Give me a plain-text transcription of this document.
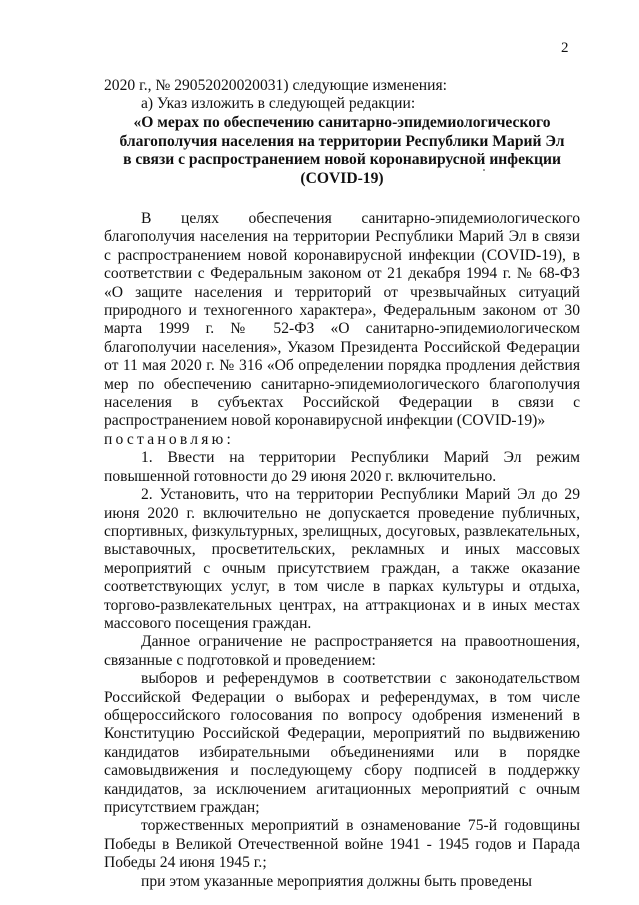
2

2020 г., № 29052020020031) следующие изменения:

а) Указ изложить в следующей редакции:

«О мерах по обеспечению санитарно-эпидемиологического
благополучия населения на территории Республики Марий Эл
в связи с распространением новой коронавирусной инфекции
(COVID-19)

В целях обеспечения санитарно-эпидемиологического благополучия населения на территории Республики Марий Эл в связи с распространением новой коронавирусной инфекции (COVID-19), в соответствии с Федеральным законом от 21 декабря 1994 г. № 68-ФЗ «О защите населения и территорий от чрезвычайных ситуаций природного и техногенного характера», Федеральным законом от 30 марта 1999 г. № 52-ФЗ «О санитарно-эпидемиологическом благополучии населения», Указом Президента Российской Федерации от 11 мая 2020 г. № 316 «Об определении порядка продления действия мер по обеспечению санитарно-эпидемиологического благополучия населения в субъектах Российской Федерации в связи с распространением новой коронавирусной инфекции (COVID-19)»

постановляю:

1. Ввести на территории Республики Марий Эл режим повышенной готовности до 29 июня 2020 г. включительно.

2. Установить, что на территории Республики Марий Эл до 29 июня 2020 г. включительно не допускается проведение публичных, спортивных, физкультурных, зрелищных, досуговых, развлекательных, выставочных, просветительских, рекламных и иных массовых мероприятий с очным присутствием граждан, а также оказание соответствующих услуг, в том числе в парках культуры и отдыха, торгово-развлекательных центрах, на аттракционах и в иных местах массового посещения граждан.

Данное ограничение не распространяется на правоотношения, связанные с подготовкой и проведением:

выборов и референдумов в соответствии с законодательством Российской Федерации о выборах и референдумах, в том числе общероссийского голосования по вопросу одобрения изменений в Конституцию Российской Федерации, мероприятий по выдвижению кандидатов избирательными объединениями или в порядке самовыдвижения и последующему сбору подписей в поддержку кандидатов, за исключением агитационных мероприятий с очным присутствием граждан;

торжественных мероприятий в ознаменование 75-й годовщины Победы в Великой Отечественной войне 1941 - 1945 годов и Парада Победы 24 июня 1945 г.;

при этом указанные мероприятия должны быть проведены
